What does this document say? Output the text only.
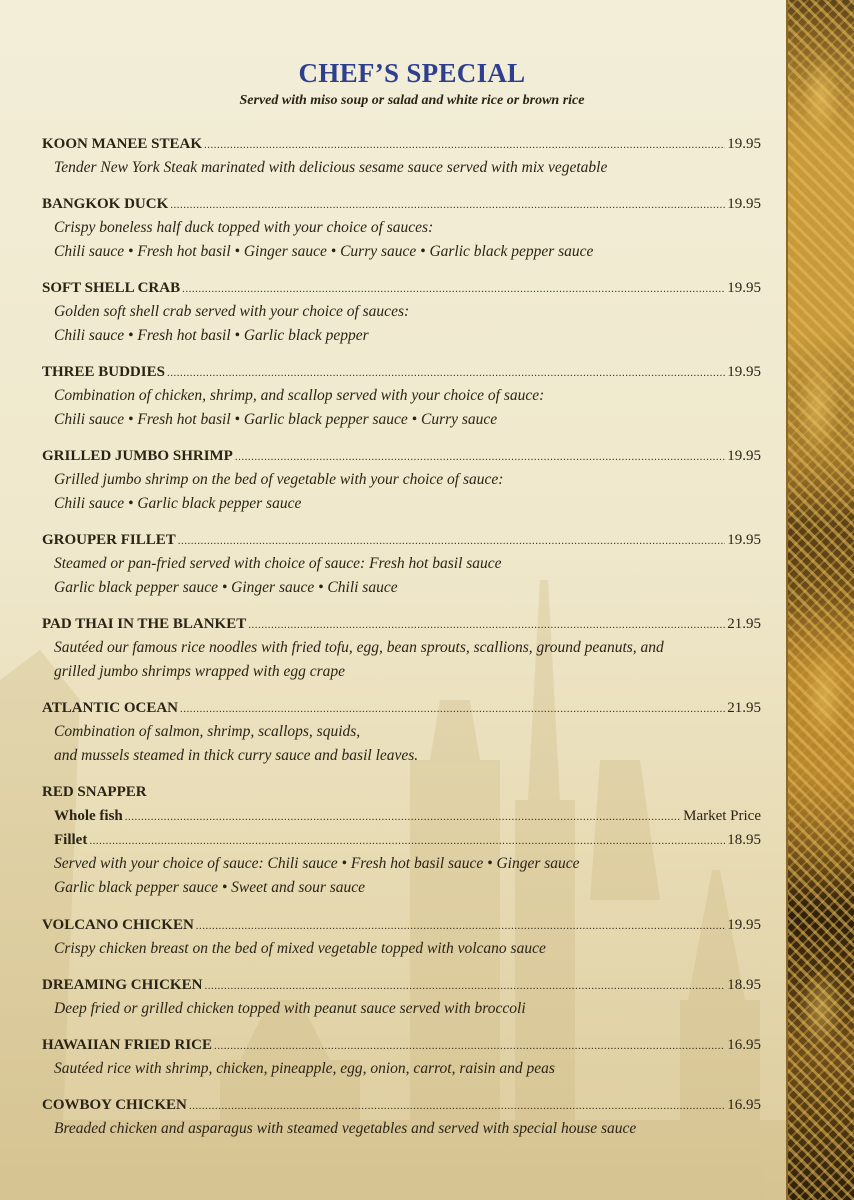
CHEF’S SPECIAL
Served with miso soup or salad and white rice or brown rice
KOON MANEE STEAK .....	19.95
Tender New York Steak marinated with delicious sesame sauce served with mix vegetable
BANGKOK DUCK .....	19.95
Crispy boneless half duck topped with your choice of sauces:
Chili sauce • Fresh hot basil • Ginger sauce • Curry sauce • Garlic black pepper sauce
SOFT SHELL CRAB .....	19.95
Golden soft shell crab served with your choice of sauces:
Chili sauce • Fresh hot basil • Garlic black pepper
THREE BUDDIES .....	19.95
Combination of chicken, shrimp, and scallop served with your choice of sauce:
Chili sauce • Fresh hot basil • Garlic black pepper sauce • Curry sauce
GRILLED JUMBO SHRIMP .....	19.95
Grilled jumbo shrimp on the bed of vegetable with your choice of sauce:
Chili sauce • Garlic black pepper sauce
GROUPER FILLET .....	19.95
Steamed or pan-fried served with choice of sauce: Fresh hot basil sauce
Garlic black pepper sauce • Ginger sauce • Chili sauce
PAD THAI IN THE BLANKET .....	21.95
Sautéed our famous rice noodles with fried tofu, egg, bean sprouts, scallions, ground peanuts, and
grilled jumbo shrimps wrapped with egg crape
ATLANTIC OCEAN .....	21.95
Combination of salmon, shrimp, scallops, squids,
and mussels steamed in thick curry sauce and basil leaves.
RED SNAPPER
Whole fish .....	Market Price
Fillet .....	18.95
Served with your choice of sauce: Chili sauce • Fresh hot basil sauce • Ginger sauce
Garlic black pepper sauce • Sweet and sour sauce
VOLCANO CHICKEN .....	19.95
Crispy chicken breast on the bed of mixed vegetable topped with volcano sauce
DREAMING CHICKEN .....	18.95
Deep fried or grilled chicken topped with peanut sauce served with broccoli
HAWAIIAN FRIED RICE .....	16.95
Sautéed rice with shrimp, chicken, pineapple, egg, onion, carrot, raisin and peas
COWBOY CHICKEN .....	16.95
Breaded chicken and asparagus with steamed vegetables and served with special house sauce
